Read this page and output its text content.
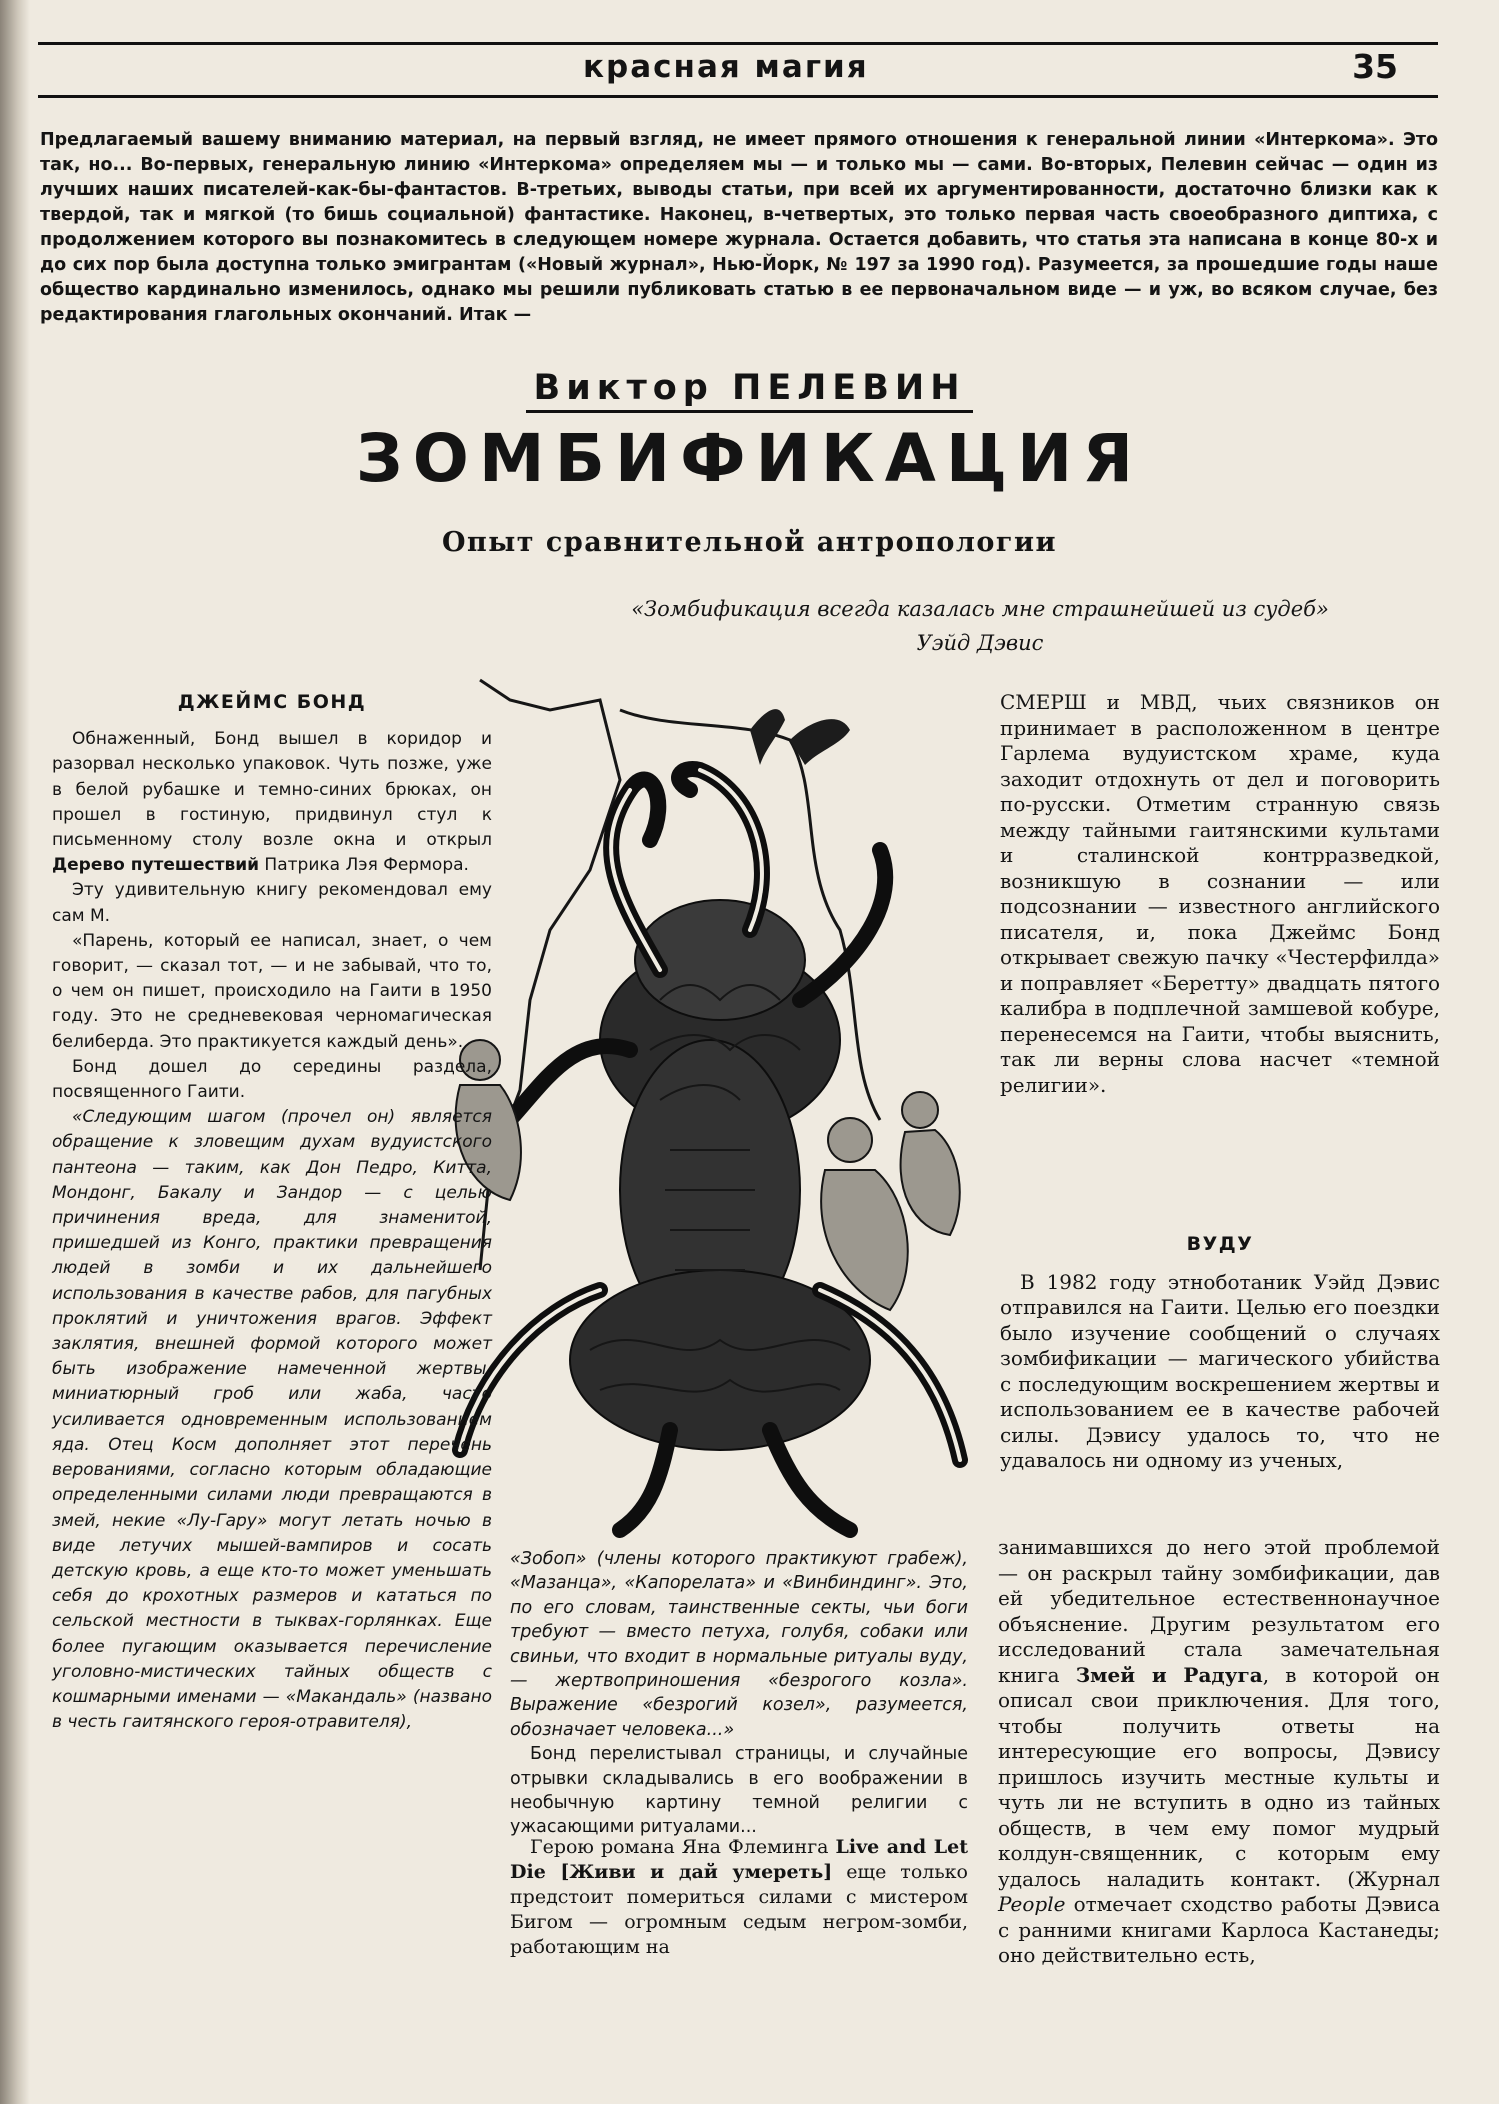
красная магия	35
Предлагаемый вашему вниманию материал, на первый взгляд, не имеет прямого отношения к генеральной линии «Интеркома». Это так, но... Во-первых, генеральную линию «Интеркома» определяем мы — и только мы — сами. Во-вторых, Пелевин сейчас — один из лучших наших писателей-как-бы-фантастов. В-третьих, выводы статьи, при всей их аргументированности, достаточно близки как к твердой, так и мягкой (то бишь социальной) фантастике. Наконец, в-четвертых, это только первая часть своеобразного диптиха, с продолжением которого вы познакомитесь в следующем номере журнала. Остается добавить, что статья эта написана в конце 80-х и до сих пор была доступна только эмигрантам («Новый журнал», Нью-Йорк, № 197 за 1990 год). Разумеется, за прошедшие годы наше общество кардинально изменилось, однако мы решили публиковать статью в ее первоначальном виде — и уж, во всяком случае, без редактирования глагольных окончаний. Итак —
Виктор ПЕЛЕВИН
ЗОМБИФИКАЦИЯ
Опыт сравнительной антропологии
«Зомбификация всегда казалась мне страшнейшей из судеб»
Уэйд Дэвис
ДЖЕЙМС БОНД

Обнаженный, Бонд вышел в коридор и разорвал несколько упаковок. Чуть позже, уже в белой рубашке и темно-синих брюках, он прошел в гостиную, придвинул стул к письменному столу возле окна и открыл Дерево путешествий Патрика Лэя Фермора.

Эту удивительную книгу рекомендовал ему сам М.

«Парень, который ее написал, знает, о чем говорит, — сказал тот, — и не забывай, что то, о чем он пишет, происходило на Гаити в 1950 году. Это не средневековая черномагическая белиберда. Это практикуется каждый день».

Бонд дошел до середины раздела, посвященного Гаити.

«Следующим шагом (прочел он) является обращение к зловещим духам вудуистского пантеона — таким, как Дон Педро, Китта, Мондонг, Бакалу и Зандор — с целью причинения вреда, для знаменитой, пришедшей из Конго, практики превращения людей в зомби и их дальнейшего использования в качестве рабов, для пагубных проклятий и уничтожения врагов. Эффект заклятия, внешней формой которого может быть изображение намеченной жертвы, миниатюрный гроб или жаба, часто усиливается одновременным использованием яда. Отец Косм дополняет этот перечень верованиями, согласно которым обладающие определенными силами люди превращаются в змей, некие «Лу-Гару» могут летать ночью в виде летучих мышей-вампиров и сосать детскую кровь, а еще кто-то может уменьшать себя до крохотных размеров и кататься по сельской местности в тыквах-горлянках. Еще более пугающим оказывается перечисление уголовно-мистических тайных обществ с кошмарными именами — «Макандаль» (названо в честь гаитянского героя-отравителя),

«Зобоп» (члены которого практикуют грабеж), «Мазанца», «Капорелата» и «Винбиндинг». Это, по его словам, таинственные секты, чьи боги требуют — вместо петуха, голубя, собаки или свиньи, что входит в нормальные ритуалы вуду, — жертвоприношения «безрогого козла». Выражение «безрогий козел», разумеется, обозначает человека...»

Бонд перелистывал страницы, и случайные отрывки складывались в его воображении в необычную картину темной религии с ужасающими ритуалами...

Герою романа Яна Флеминга Live and Let Die [Живи и дай умереть] еще только предстоит помериться силами с мистером Бигом — огромным седым негром-зомби, работающим на

СМЕРШ и МВД, чьих связников он принимает в расположенном в центре Гарлема вудуистском храме, куда заходит отдохнуть от дел и поговорить по-русски. Отметим странную связь между тайными гаитянскими культами и сталинской контрразведкой, возникшую в сознании — или подсознании — известного английского писателя, и, пока Джеймс Бонд открывает свежую пачку «Честерфилда» и поправляет «Беретту» двадцать пятого калибра в подплечной замшевой кобуре, перенесемся на Гаити, чтобы выяснить, так ли верны слова насчет «темной религии».

ВУДУ

В 1982 году этноботаник Уэйд Дэвис отправился на Гаити. Целью его поездки было изучение сообщений о случаях зомбификации — магического убийства с последующим воскрешением жертвы и использованием ее в качестве рабочей силы. Дэвису удалось то, что не удавалось ни одному из ученых,

занимавшихся до него этой проблемой — он раскрыл тайну зомбификации, дав ей убедительное естественнонаучное объяснение. Другим результатом его исследований стала замечательная книга Змей и Радуга, в которой он описал свои приключения. Для того, чтобы получить ответы на интересующие его вопросы, Дэвису пришлось изучить местные культы и чуть ли не вступить в одно из тайных обществ, в чем ему помог мудрый колдун-священник, с которым ему удалось наладить контакт. (Журнал People отмечает сходство работы Дэвиса с ранними книгами Карлоса Кастанеды; оно действительно есть,
